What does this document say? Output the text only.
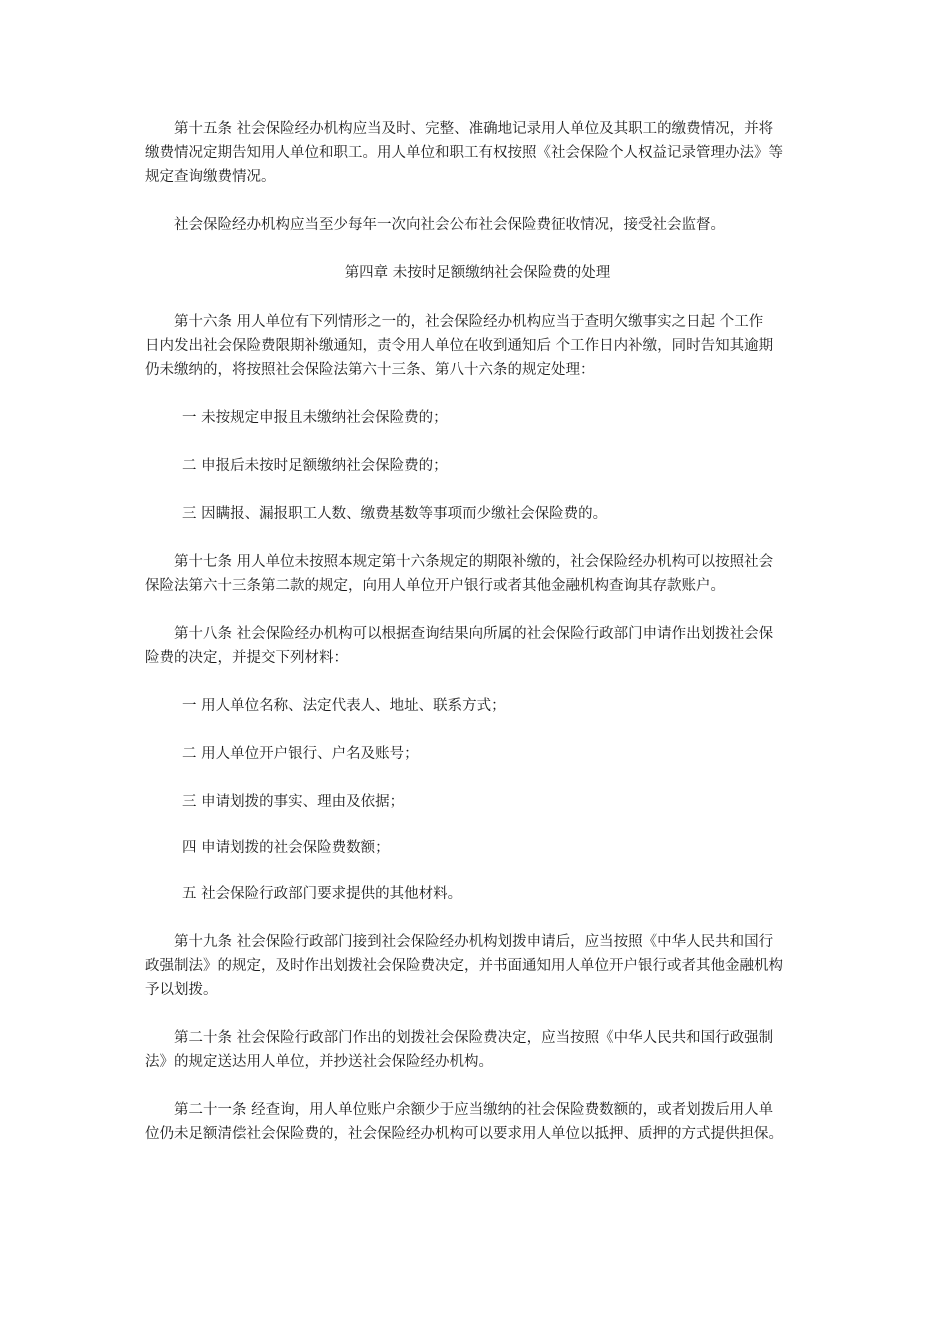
第十五条 社会保险经办机构应当及时、完整、准确地记录用人单位及其职工的缴费情况，并将
缴费情况定期告知用人单位和职工。用人单位和职工有权按照《社会保险个人权益记录管理办法》等
规定查询缴费情况。

社会保险经办机构应当至少每年一次向社会公布社会保险费征收情况，接受社会监督。

第四章 未按时足额缴纳社会保险费的处理

第十六条 用人单位有下列情形之一的，社会保险经办机构应当于查明欠缴事实之日起 个工作
日内发出社会保险费限期补缴通知，责令用人单位在收到通知后 个工作日内补缴，同时告知其逾期
仍未缴纳的，将按照社会保险法第六十三条、第八十六条的规定处理：

一 未按规定申报且未缴纳社会保险费的；

二 申报后未按时足额缴纳社会保险费的；

三 因瞒报、漏报职工人数、缴费基数等事项而少缴社会保险费的。

第十七条 用人单位未按照本规定第十六条规定的期限补缴的，社会保险经办机构可以按照社会
保险法第六十三条第二款的规定，向用人单位开户银行或者其他金融机构查询其存款账户。

第十八条 社会保险经办机构可以根据查询结果向所属的社会保险行政部门申请作出划拨社会保
险费的决定，并提交下列材料：

一 用人单位名称、法定代表人、地址、联系方式；

二 用人单位开户银行、户名及账号；

三 申请划拨的事实、理由及依据；

四 申请划拨的社会保险费数额；

五 社会保险行政部门要求提供的其他材料。

第十九条 社会保险行政部门接到社会保险经办机构划拨申请后，应当按照《中华人民共和国行
政强制法》的规定，及时作出划拨社会保险费决定，并书面通知用人单位开户银行或者其他金融机构
予以划拨。

第二十条 社会保险行政部门作出的划拨社会保险费决定，应当按照《中华人民共和国行政强制
法》的规定送达用人单位，并抄送社会保险经办机构。

第二十一条 经查询，用人单位账户余额少于应当缴纳的社会保险费数额的，或者划拨后用人单
位仍未足额清偿社会保险费的，社会保险经办机构可以要求用人单位以抵押、质押的方式提供担保。
